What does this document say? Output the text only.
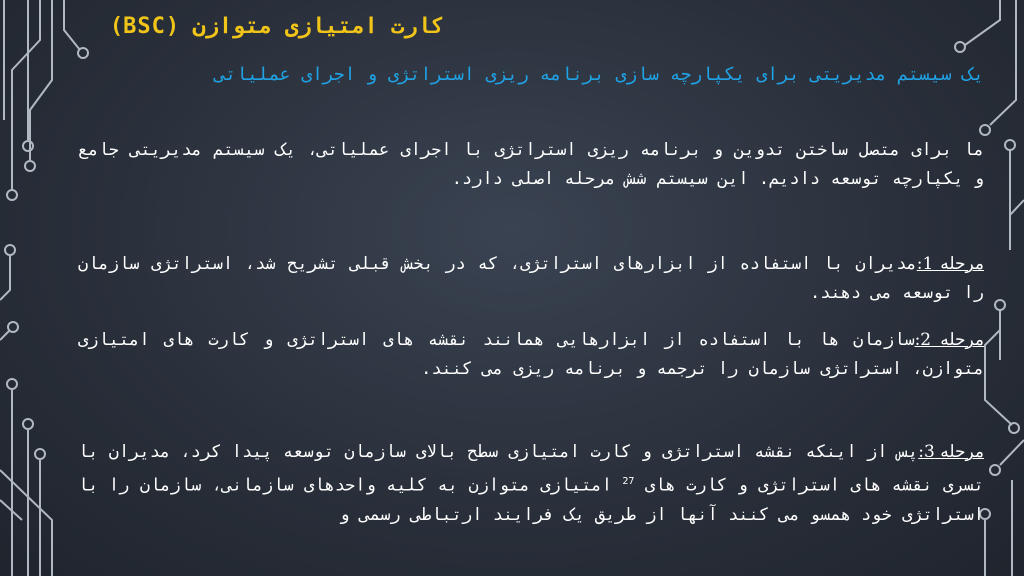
کارت امتیازی متوازن (BSC)
یک سیستم مدیریتی برای یکپارچه سازی برنامه ریزی استراتژی و اجرای عملیاتی
ما برای متصل ساختن تدوین و برنامه ریزی استراتژی با اجرای عملیاتی، یک سیستم مدیریتی جامع و یکپارچه توسعه دادیم. این سیستم شش مرحله اصلی دارد.
مرحله 1:مدیران با استفاده از ابزارهای استراتژی، که در بخش قبلی تشریح شد، استراتژی سازمان را توسعه می دهند.
مرحله 2:سازمان ها با استفاده از ابزارهایی همانند نقشه های استراتژی و کارت های امتیازی متوازن، استراتژی سازمان را ترجمه و برنامه ریزی می کنند.
مرحله 3:پس از اینکه نقشه استراتژی و کارت امتیازی سطح بالای سازمان توسعه پیدا کرد، مدیران با تسری نقشه های استراتژی و کارت های $^{27}$ امتیازی متوازن به کلیه واحدهای سازمانی، سازمان را با استراتژی خود همسو می کنند آنها از طریق یک فرایند ارتباطی رسمی و
